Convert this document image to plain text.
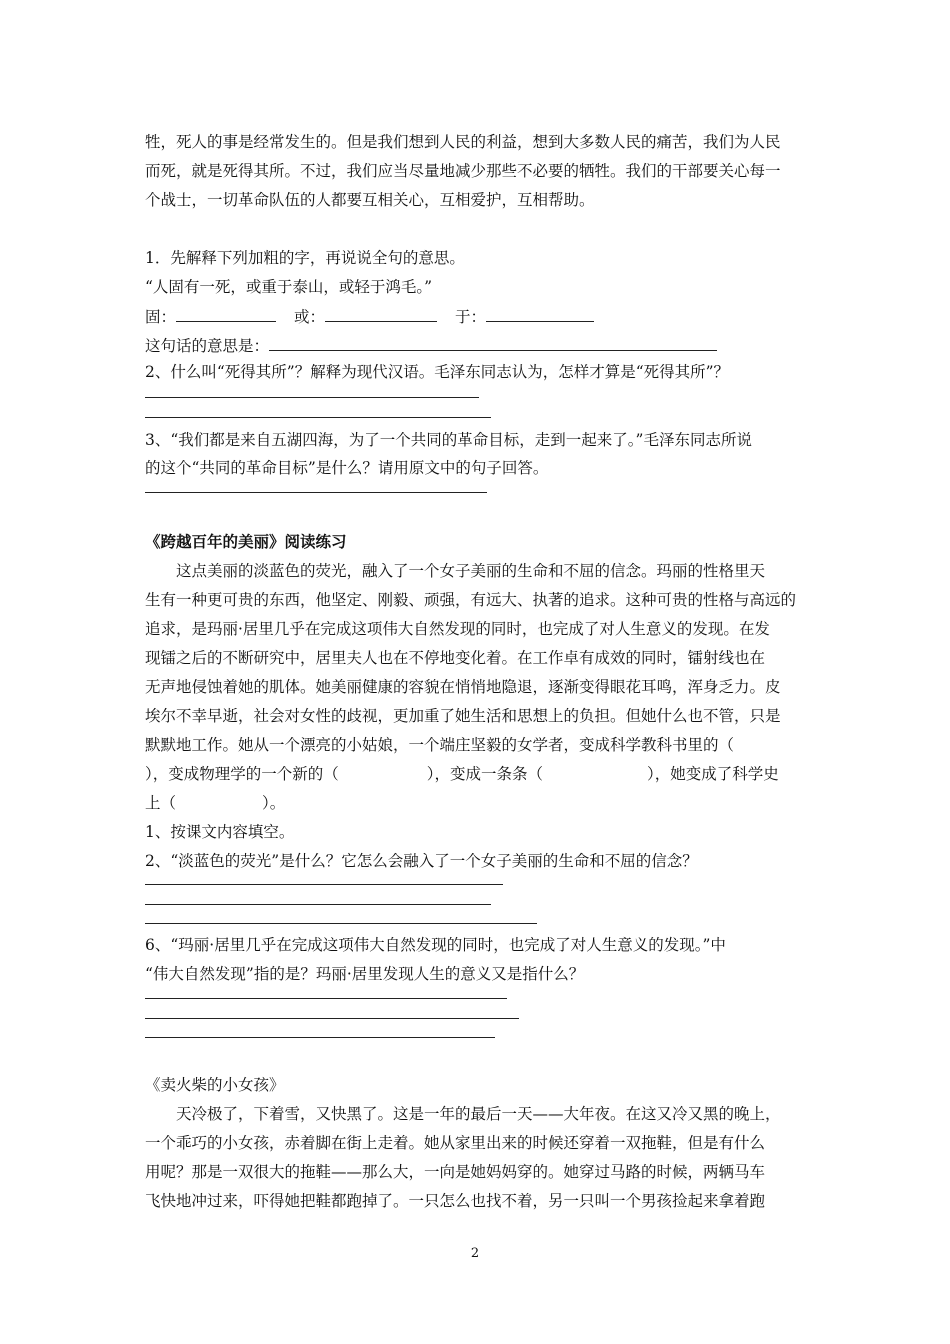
牲，死人的事是经常发生的。但是我们想到人民的利益，想到大多数人民的痛苦，我们为人民
而死，就是死得其所。不过，我们应当尽量地减少那些不必要的牺牲。我们的干部要关心每一
个战士，一切革命队伍的人都要互相关心，互相爱护，互相帮助。
1．先解释下列加粗的字，再说说全句的意思。
“人固有一死，或重于泰山，或轻于鸿毛。”
固：	或：	于：
这句话的意思是：
2、什么叫“死得其所”？解释为现代汉语。毛泽东同志认为，怎样才算是“死得其所”？
3、“我们都是来自五湖四海，为了一个共同的革命目标，走到一起来了。”毛泽东同志所说
的这个“共同的革命目标”是什么？请用原文中的句子回答。
《跨越百年的美丽》阅读练习
这点美丽的淡蓝色的荧光，融入了一个女子美丽的生命和不屈的信念。玛丽的性格里天
生有一种更可贵的东西，他坚定、刚毅、顽强，有远大、执著的追求。这种可贵的性格与高远的
追求，是玛丽·居里几乎在完成这项伟大自然发现的同时，也完成了对人生意义的发现。在发
现镭之后的不断研究中，居里夫人也在不停地变化着。在工作卓有成效的同时，镭射线也在
无声地侵蚀着她的肌体。她美丽健康的容貌在悄悄地隐退，逐渐变得眼花耳鸣，浑身乏力。皮
埃尔不幸早逝，社会对女性的歧视，更加重了她生活和思想上的负担。但她什么也不管，只是
默默地工作。她从一个漂亮的小姑娘，一个端庄坚毅的女学者，变成科学教科书里的（
），变成物理学的一个新的（	），变成一条条（	），她变成了科学史
上（	）。
1、按课文内容填空。
2、“淡蓝色的荧光”是什么？它怎么会融入了一个女子美丽的生命和不屈的信念？
6、“玛丽·居里几乎在完成这项伟大自然发现的同时，也完成了对人生意义的发现。”中
“伟大自然发现”指的是？玛丽·居里发现人生的意义又是指什么？
《卖火柴的小女孩》
天冷极了，下着雪，又快黑了。这是一年的最后一天——大年夜。在这又冷又黑的晚上，
一个乖巧的小女孩，赤着脚在街上走着。她从家里出来的时候还穿着一双拖鞋，但是有什么
用呢？那是一双很大的拖鞋——那么大，一向是她妈妈穿的。她穿过马路的时候，两辆马车
飞快地冲过来，吓得她把鞋都跑掉了。一只怎么也找不着，另一只叫一个男孩捡起来拿着跑
2
